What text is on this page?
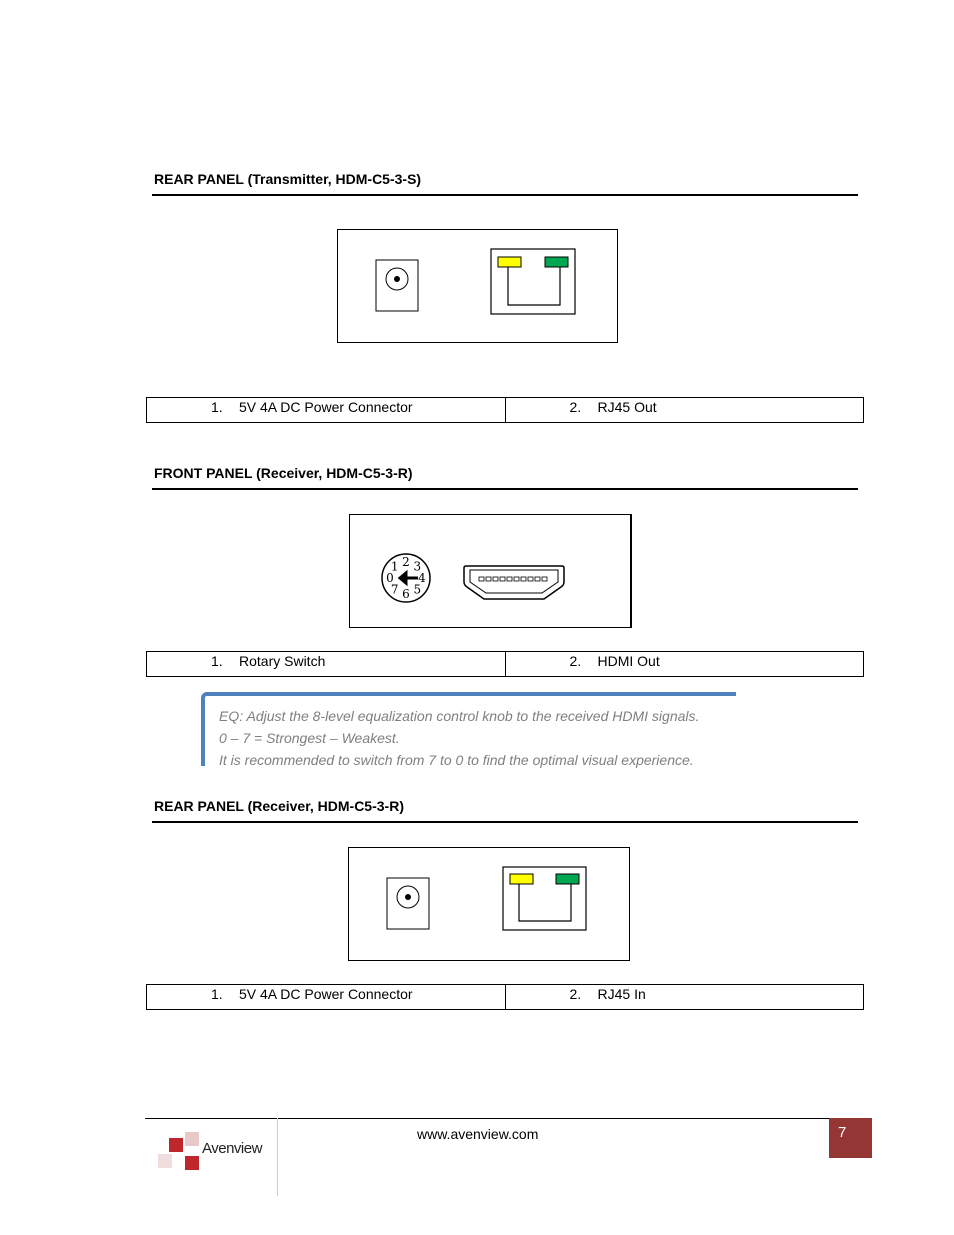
REAR PANEL (Transmitter, HDM-C5-3-S)
1. 5V 4A DC Power Connector	2. RJ45 Out
FRONT PANEL (Receiver, HDM-C5-3-R)
2 3
4
5
6
7
0
1
1. Rotary Switch	2. HDMI Out

EQ: Adjust the 8-level equalization control knob to the received HDMI signals.

0 – 7 = Strongest – Weakest.

It is recommended to switch from 7 to 0 to find the optimal visual experience.

REAR PANEL (Receiver, HDM-C5-3-R)
1. 5V 4A DC Power Connector	2. RJ45 In
Avenview
www.avenview.com	7
